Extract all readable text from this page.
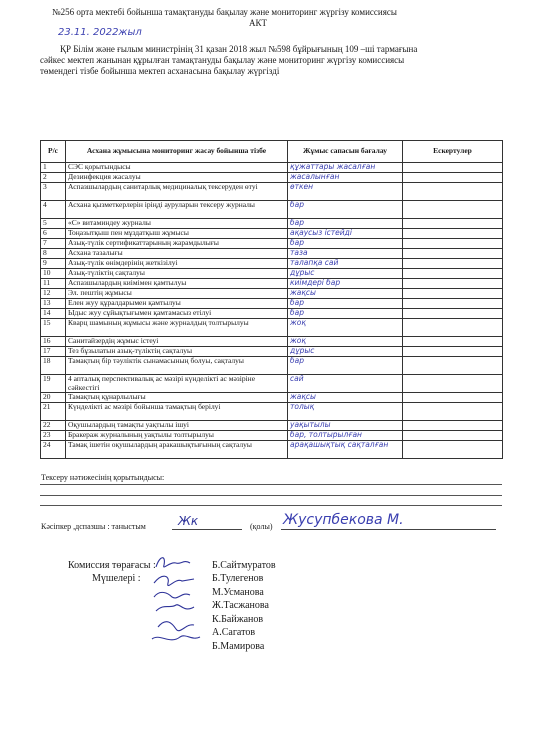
№256 орта мектебі бойынша тамақтануды бақылау және мониторинг жүргізу комиссиясы
АКТ
23.11. 2022жыл
ҚР Білім және ғылым министрінің 31 қазан 2018 жыл №598 бұйрығының 109 –ші тармағына
сәйкес мектеп жанынан құрылған тамақтануды бақылау және мониторинг жүргізу комиссиясы
төмендегі тізбе бойынша мектеп асханасына бақылау жүргізді
Р/с	Асхана жұмысына мониторинг жасау бойынша тізбе	Жұмыс сапасын бағалау	Ескертулер
1	СЭС қорытындысы	құжаттары жасалған	
2	Дезинфекция жасалуы	жасалынған	
3	Аспазшылардың санитарлық медициналық тексеруден өтуі	өткен	
4	Асхана қызметкерлерін іріңді ауруларын тексеру журналы	бар	
5	«С» витаминдеу журналы	бар	
6	Тоңазытқыш пен мұздатқыш жұмысы	ақаусыз істейді	
7	Азық-түлік сертификаттарының жарамдылығы	бар	
8	Асхана тазалығы	таза	
9	Азық-түлік өнімдерінің жеткізілуі	талапқа сай	
10	Азық-түліктің сақталуы	дұрыс	
11	Аспазшылардың киімімен қамтылуы	киімдері бар	
12	Эл. пештің жұмысы	жақсы	
13	Елен жуу құралдарымен қамтылуы	бар	
14	Ыдыс жуу сұйықтығымен қамтамасыз етілуі	бар	
15	Кварц шамының жұмысы және журналдың толтырылуы	жоқ	
16	Санитайзердің жұмыс істеуі	жоқ	
17	Тез бұзылатын азық-түліктің сақталуы	дұрыс	
18	Тамақтың бір тәуліктік сынамасының болуы, сақталуы	бар	
19	4 апталық перспективалық ас мәзірі күнделікті ас мәзіріне сәйкестігі	сай	
20	Тамақтың құнарлылығы	жақсы	
21	Күнделікті ас мәзірі бойынша тамақтың берілуі	толық	
22	Оқушылардың тамақты уақтылы ішуі	уақытылы	
23	Бракераж журналының уақтылы толтырылуы	бар, толтырылған	
24	Тамақ ішетін оқушылардың аракашықтығының сақталуы	арақашықтық сақталған	
Тексеру нәтижесінің қорытындысы:
Кәсіпкер ,дспазшы : таныстым	Жк	(қолы) Жусупбекова М.
Комиссия төрағасы :	Б.Сайтмуратов
Мүшелері :	Б.Тулегенов
М.Усманова
Ж.Тасжанова
К.Байжанов
А.Сагатов
Б.Мамирова
